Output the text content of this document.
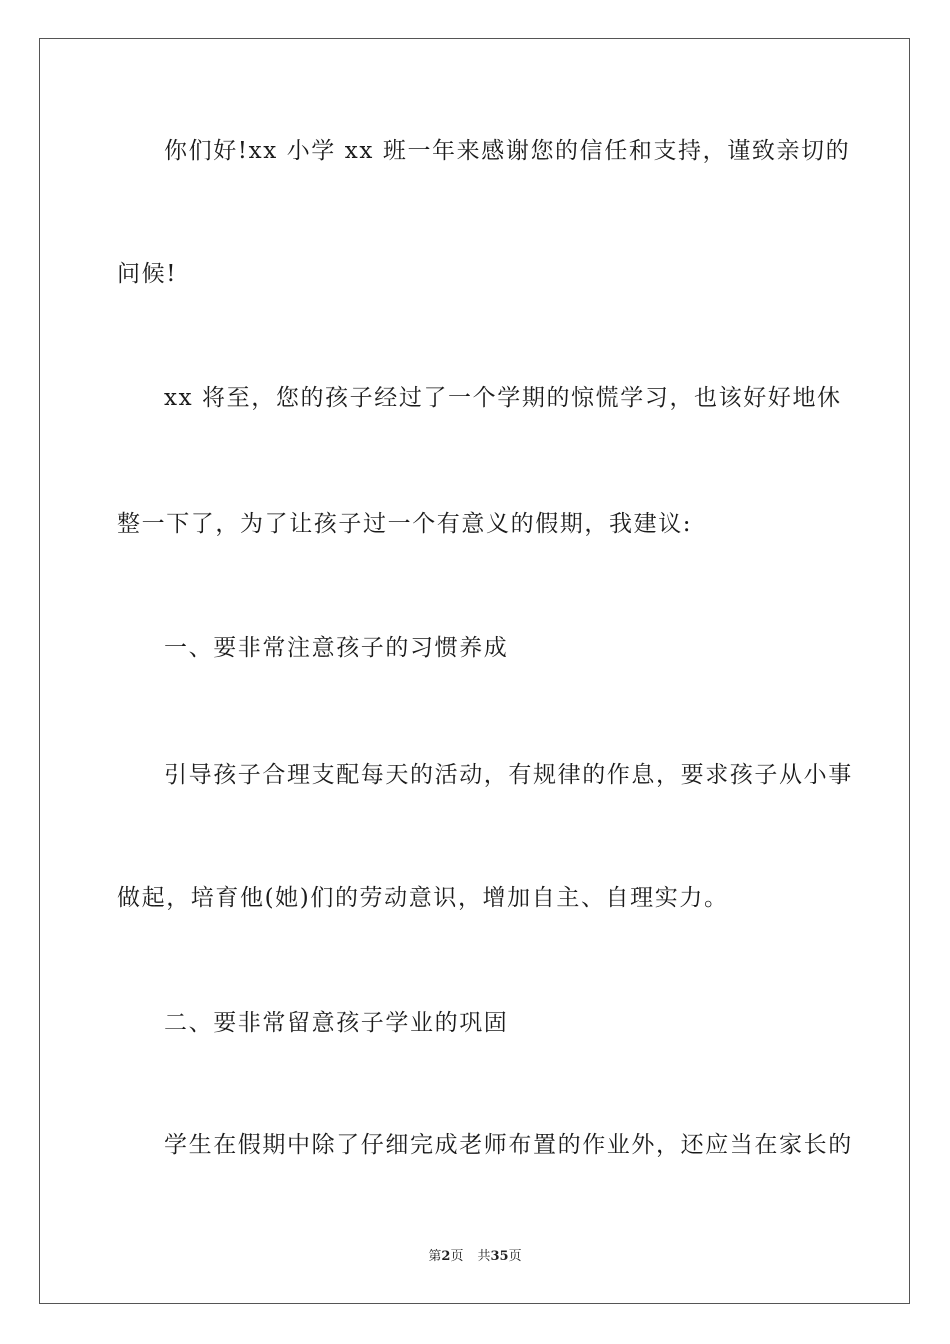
你们好!xx 小学 xx 班一年来感谢您的信任和支持，谨致亲切的
问候!
xx 将至，您的孩子经过了一个学期的惊慌学习，也该好好地休
整一下了，为了让孩子过一个有意义的假期，我建议:
一、要非常注意孩子的习惯养成
引导孩子合理支配每天的活动，有规律的作息，要求孩子从小事
做起，培育他(她)们的劳动意识，增加自主、自理实力。
二、要非常留意孩子学业的巩固
学生在假期中除了仔细完成老师布置的作业外，还应当在家长的
第2页 共35页
